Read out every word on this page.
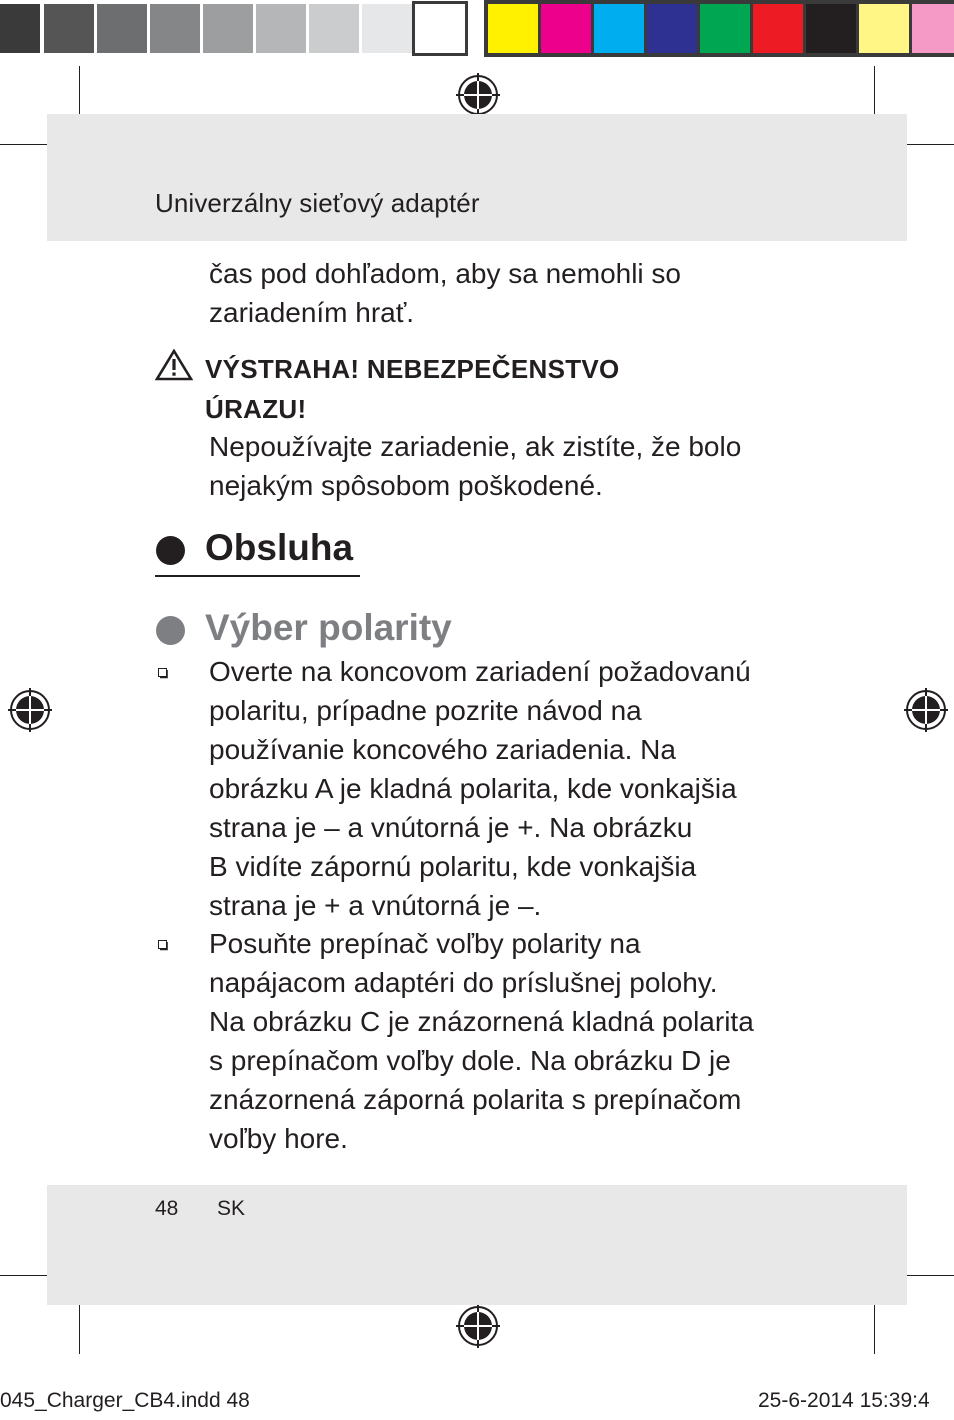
Univerzálny sieťový adaptér
čas pod dohľadom, aby sa nemohli so
zariadením hrať.
VÝSTRAHA! NEBEZPEČENSTVO
ÚRAZU!
Nepoužívajte zariadenie, ak zistíte, že bolo
nejakým spôsobom poškodené.
Obsluha
Výber polarity
Overte na koncovom zariadení požadovanú
polaritu, prípadne pozrite návod na
používanie koncového zariadenia. Na
obrázku A je kladná polarita, kde vonkajšia
strana je – a vnútorná je +. Na obrázku
B vidíte zápornú polaritu, kde vonkajšia
strana je + a vnútorná je –.
Posuňte prepínač voľby polarity na
napájacom adaptéri do príslušnej polohy.
Na obrázku C je znázornená kladná polarita
s prepínačom voľby dole. Na obrázku D je
znázornená záporná polarita s prepínačom
voľby hore.
48 SK
045_Charger_CB4.indd 48	25-6-2014 15:39:4
